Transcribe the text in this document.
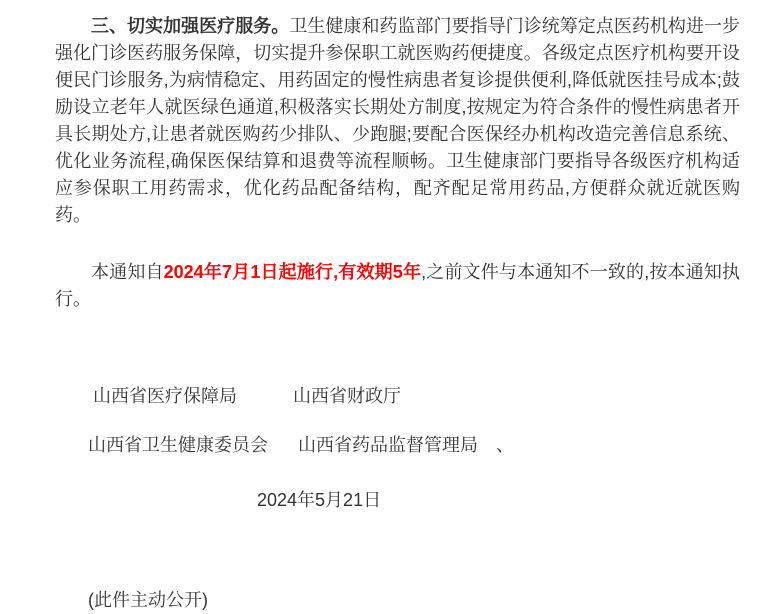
三、切实加强医疗服务。卫生健康和药监部门要指导门诊统筹定点医药机构进一步强化门诊医药服务保障，切实提升参保职工就医购药便捷度。各级定点医疗机构要开设便民门诊服务,为病情稳定、用药固定的慢性病患者复诊提供便利,降低就医挂号成本;鼓励设立老年人就医绿色通道,积极落实长期处方制度,按规定为符合条件的慢性病患者开具长期处方,让患者就医购药少排队、少跑腿;要配合医保经办机构改造完善信息系统、优化业务流程,确保医保结算和退费等流程顺畅。卫生健康部门要指导各级医疗机构适应参保职工用药需求，优化药品配备结构，配齐配足常用药品,方便群众就近就医购药。

本通知自2024年7月1日起施行,有效期5年,之前文件与本通知不一致的,按本通知执行。

山西省医疗保障局	山西省财政厅
山西省卫生健康委员会 山西省药品监督管理局 、
2024年5月21日
(此件主动公开)
